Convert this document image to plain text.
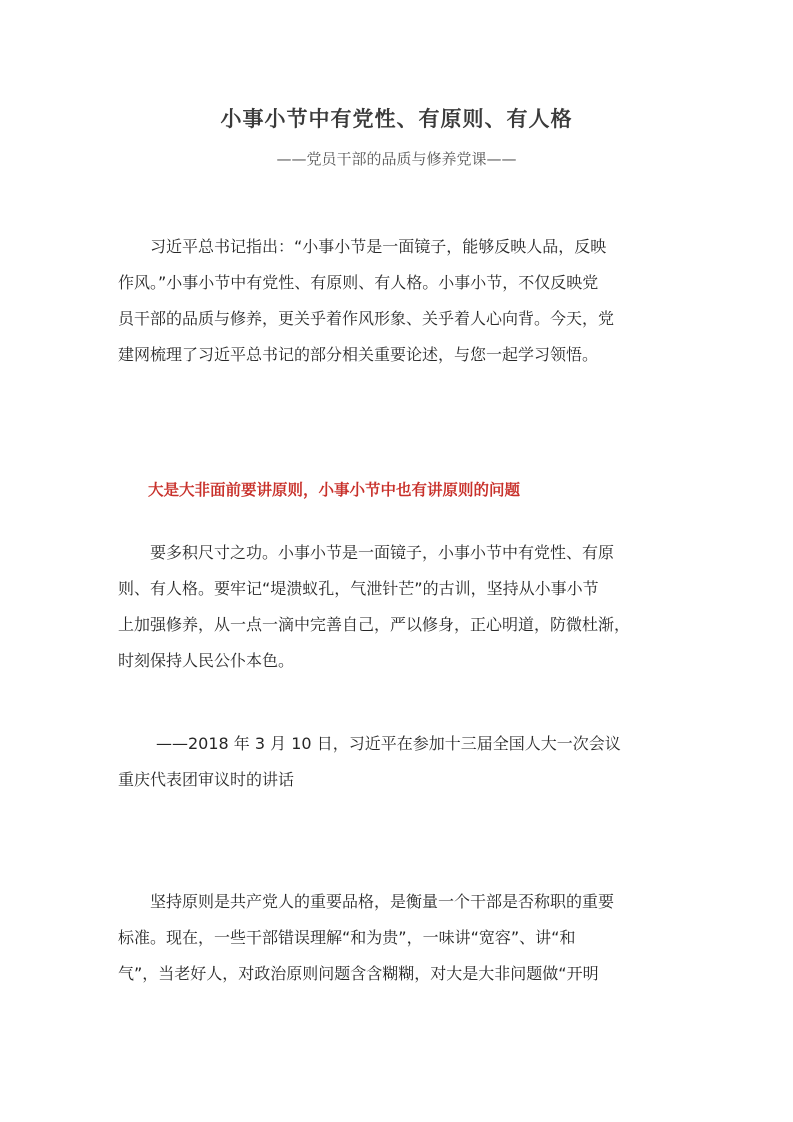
小事小节中有党性、有原则、有人格
——党员干部的品质与修养党课——
习近平总书记指出：“小事小节是一面镜子，能够反映人品，反映
作风。”小事小节中有党性、有原则、有人格。小事小节，不仅反映党
员干部的品质与修养，更关乎着作风形象、关乎着人心向背。今天，党
建网梳理了习近平总书记的部分相关重要论述，与您一起学习领悟。
大是大非面前要讲原则，小事小节中也有讲原则的问题
要多积尺寸之功。小事小节是一面镜子，小事小节中有党性、有原
则、有人格。要牢记“堤溃蚁孔，气泄针芒”的古训，坚持从小事小节
上加强修养，从一点一滴中完善自己，严以修身，正心明道，防微杜渐，
时刻保持人民公仆本色。
——2018 年 3 月 10 日，习近平在参加十三届全国人大一次会议
重庆代表团审议时的讲话
坚持原则是共产党人的重要品格，是衡量一个干部是否称职的重要
标准。现在，一些干部错误理解“和为贵”，一味讲“宽容”、讲“和
气”，当老好人，对政治原则问题含含糊糊，对大是大非问题做“开明
